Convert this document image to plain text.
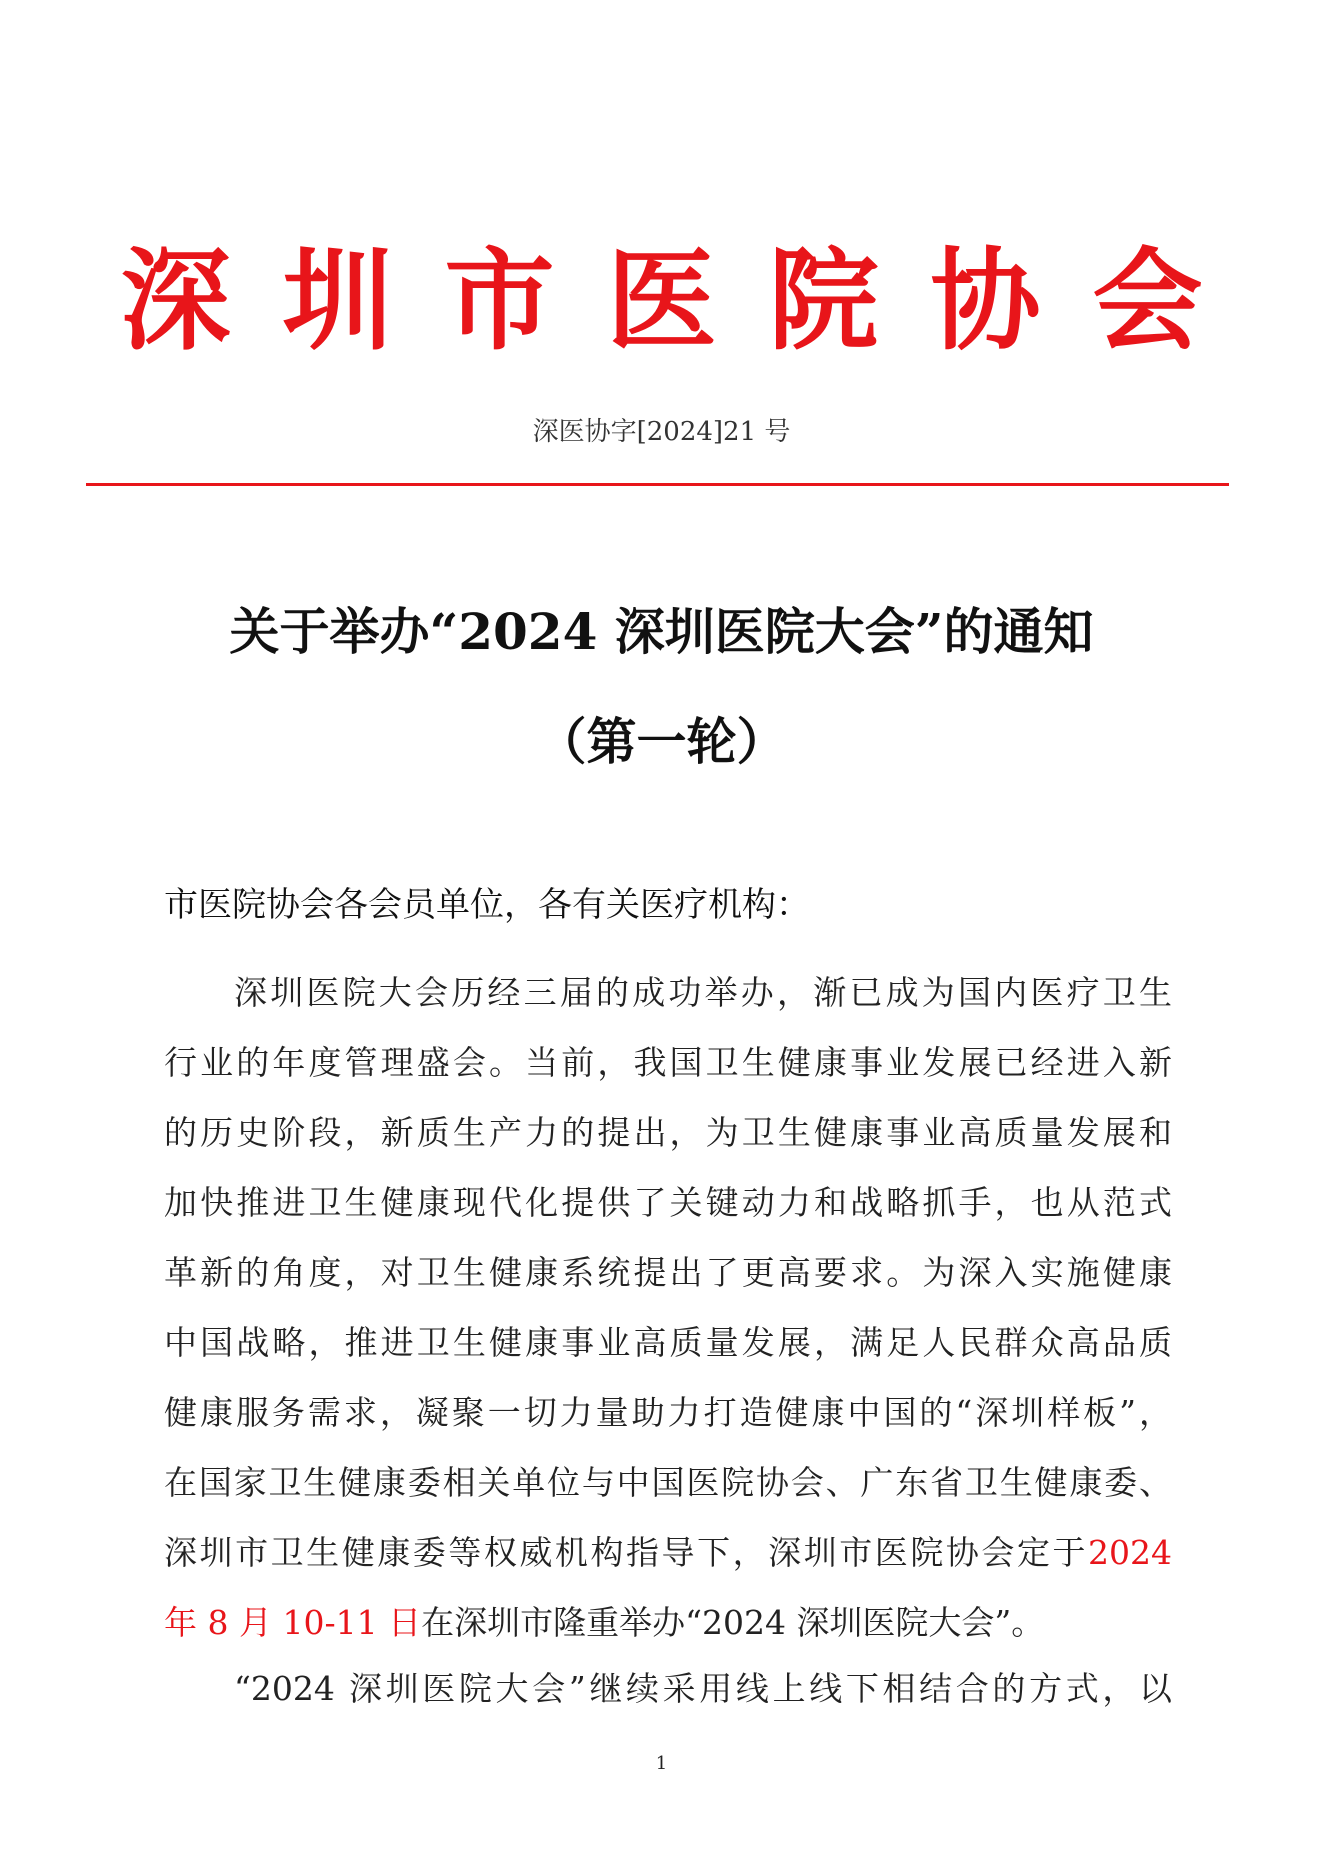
深圳市医院协会
深医协字[2024]21 号
关于举办“2024 深圳医院大会”的通知
（第一轮）
市医院协会各会员单位，各有关医疗机构：
深圳医院大会历经三届的成功举办，渐已成为国内医疗卫生
行业的年度管理盛会。当前，我国卫生健康事业发展已经进入新
的历史阶段，新质生产力的提出，为卫生健康事业高质量发展和
加快推进卫生健康现代化提供了关键动力和战略抓手，也从范式
革新的角度，对卫生健康系统提出了更高要求。为深入实施健康
中国战略，推进卫生健康事业高质量发展，满足人民群众高品质
健康服务需求，凝聚一切力量助力打造健康中国的“深圳样板”，
在国家卫生健康委相关单位与中国医院协会、广东省卫生健康委、
深圳市卫生健康委等权威机构指导下，深圳市医院协会定于2024
年 8 月 10-11 日在深圳市隆重举办“2024 深圳医院大会”。
“2024 深圳医院大会”继续采用线上线下相结合的方式，以
1
